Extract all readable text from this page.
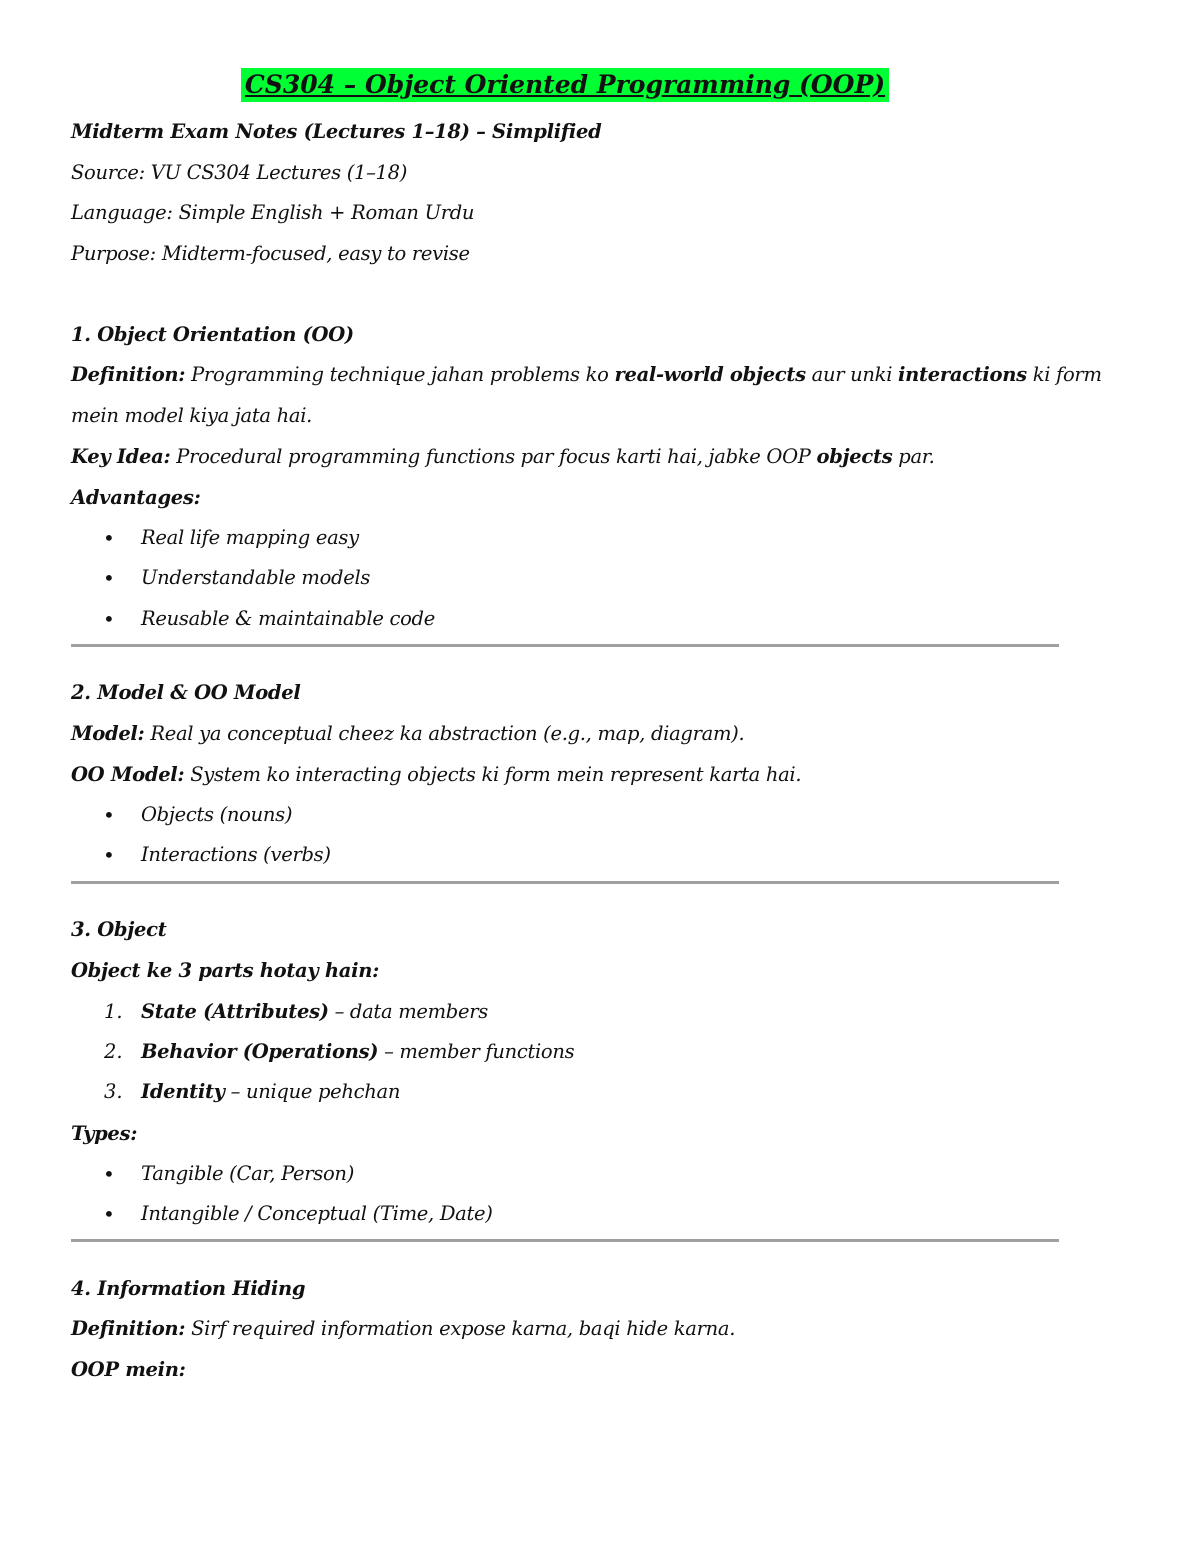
CS304 – Object Oriented Programming (OOP)
Midterm Exam Notes (Lectures 1–18) – Simplified
Source: VU CS304 Lectures (1–18)
Language: Simple English + Roman Urdu
Purpose: Midterm-focused, easy to revise
1. Object Orientation (OO)
Definition: Programming technique jahan problems ko real-world objects aur unki interactions ki form
mein model kiya jata hai.
Key Idea: Procedural programming functions par focus karti hai, jabke OOP objects par.
Advantages:
• Real life mapping easy
• Understandable models
• Reusable & maintainable code
2. Model & OO Model
Model: Real ya conceptual cheez ka abstraction (e.g., map, diagram).
OO Model: System ko interacting objects ki form mein represent karta hai.
• Objects (nouns)
• Interactions (verbs)
3. Object
Object ke 3 parts hotay hain:
1. State (Attributes) – data members
2. Behavior (Operations) – member functions
3. Identity – unique pehchan
Types:
• Tangible (Car, Person)
• Intangible / Conceptual (Time, Date)
4. Information Hiding
Definition: Sirf required information expose karna, baqi hide karna.
OOP mein:
